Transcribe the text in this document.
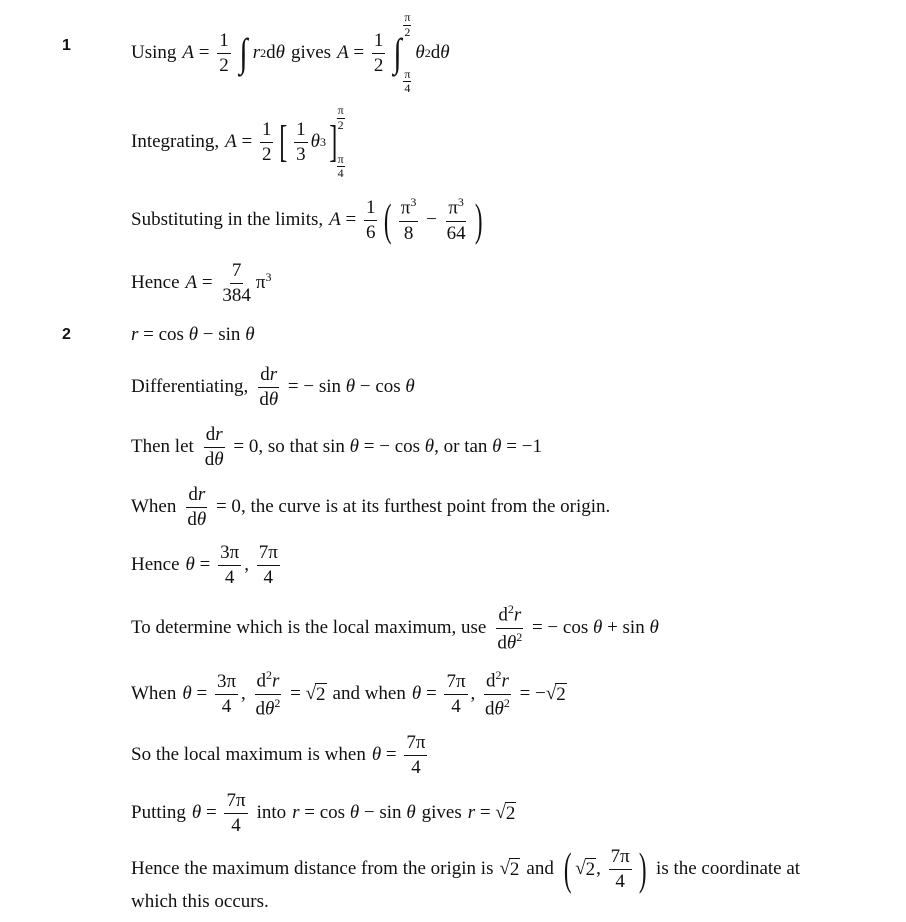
1	Using $A = \frac{1}{2}$ ∫ r 2 d θ gives $A = \frac{1}{2}$ ∫
π
2
π
4
θ 2 d θ
Integrating, $A = \frac{1}{2}$ [ $\frac{1}{3}$ θ 3 ]
π
2
π
4
Substituting in the limits, $A = \frac{1}{6}$ ( $\frac{\pi^3}{8} - \frac{\pi^3}{64}$ )
Hence $A = \frac{7}{384} \pi^3$
2	r = cos θ − sin θ
Differentiating, $\frac{dr}{d\theta}$ = − sin θ − cos θ
Then let $\frac{dr}{d\theta} = 0$ , so that sin θ = − cos θ , or tan θ = −1
When $\frac{dr}{d\theta} = 0$ , the curve is at its furthest point from the origin.
Hence $\theta = \frac{3\pi}{4}$ , $\frac{7\pi}{4}$
To determine which is the local maximum, use $\frac{d^2r}{d\theta^2}$ = − cos θ + sin θ
When $\theta = \frac{3\pi}{4}$ , $\frac{d^2r}{d\theta^2}$ = √ 2 and when $\theta = \frac{7\pi}{4}$ , $\frac{d^2r}{d\theta^2}$ = − √ 2
So the local maximum is when $\theta = \frac{7\pi}{4}$
Putting $\theta = \frac{7\pi}{4}$ into r = cos θ − sin θ gives r = √ 2
Hence the maximum distance from the origin is √ 2 and ( √ 2 , $\frac{7\pi}{4}$ ) is the coordinate at
which this occurs.
